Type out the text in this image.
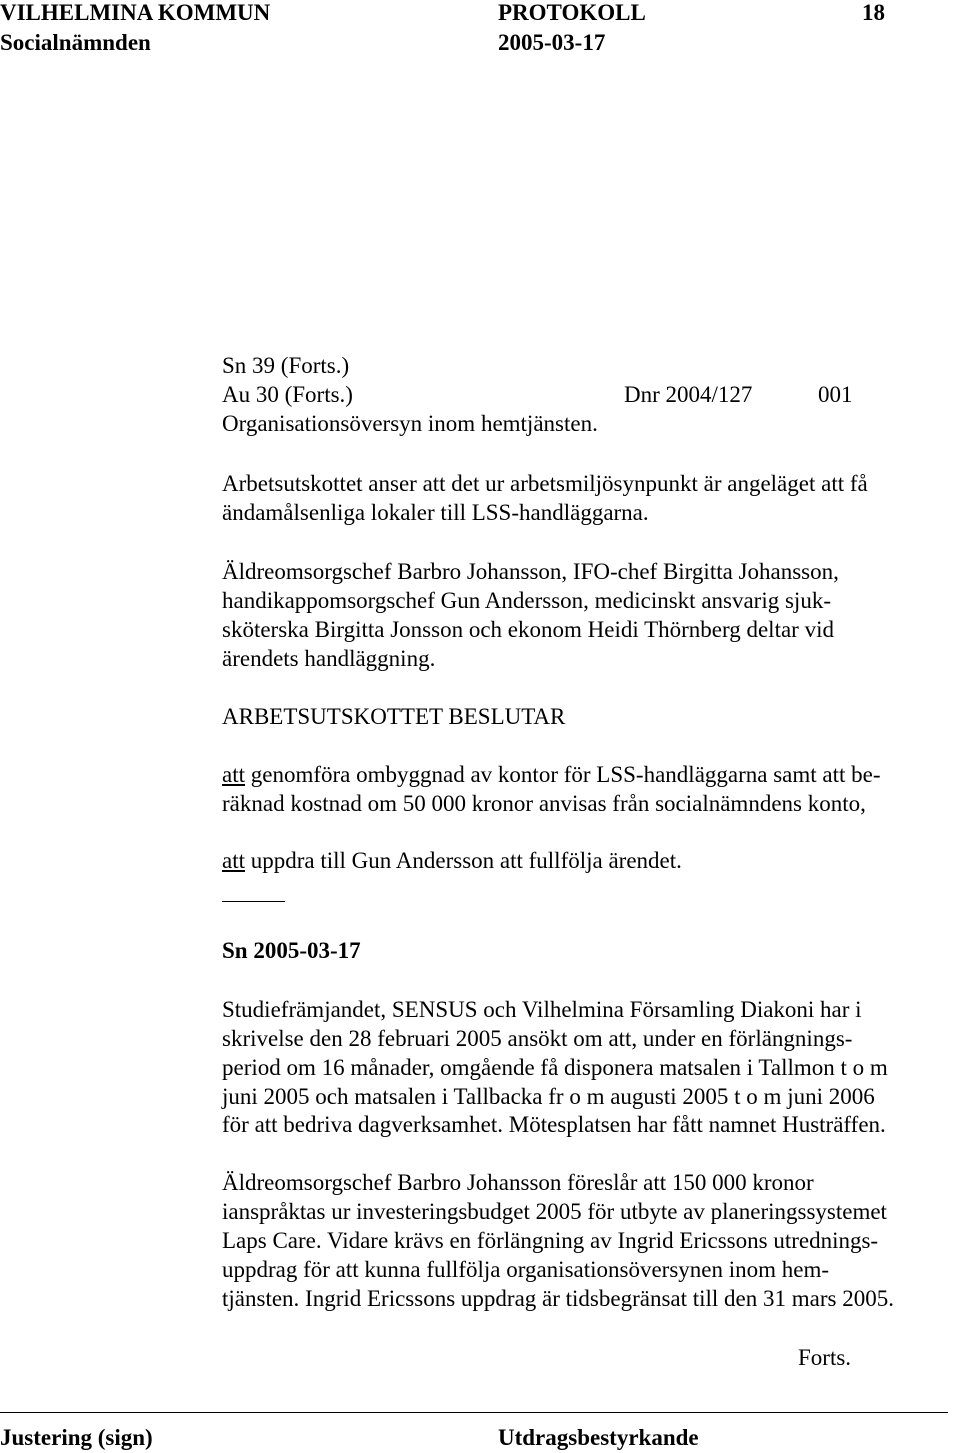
VILHELMINA KOMMUN	PROTOKOLL	18
Socialnämnden	2005-03-17
Sn 39 (Forts.)
Au 30 (Forts.)	Dnr 2004/127	001
Organisationsöversyn inom hemtjänsten.
Arbetsutskottet anser att det ur arbetsmiljösynpunkt är angeläget att få
ändamålsenliga lokaler till LSS-handläggarna.
Äldreomsorgschef Barbro Johansson, IFO-chef Birgitta Johansson,
handikappomsorgschef Gun Andersson, medicinskt ansvarig sjuk-
sköterska Birgitta Jonsson och ekonom Heidi Thörnberg deltar vid
ärendets handläggning.
ARBETSUTSKOTTET BESLUTAR
att genomföra ombyggnad av kontor för LSS-handläggarna samt att be-
räknad kostnad om 50 000 kronor anvisas från socialnämndens konto,
att uppdra till Gun Andersson att fullfölja ärendet.
Sn 2005-03-17
Studiefrämjandet, SENSUS och Vilhelmina Församling Diakoni har i
skrivelse den 28 februari 2005 ansökt om att, under en förlängnings-
period om 16 månader, omgående få disponera matsalen i Tallmon t o m
juni 2005 och matsalen i Tallbacka fr o m augusti 2005 t o m juni 2006
för att bedriva dagverksamhet. Mötesplatsen har fått namnet Husträffen.
Äldreomsorgschef Barbro Johansson föreslår att 150 000 kronor
ianspråktas ur investeringsbudget 2005 för utbyte av planeringssystemet
Laps Care. Vidare krävs en förlängning av Ingrid Ericssons utrednings-
uppdrag för att kunna fullfölja organisationsöversynen inom hem-
tjänsten. Ingrid Ericssons uppdrag är tidsbegränsat till den 31 mars 2005.
Forts.
Justering (sign)	Utdragsbestyrkande
